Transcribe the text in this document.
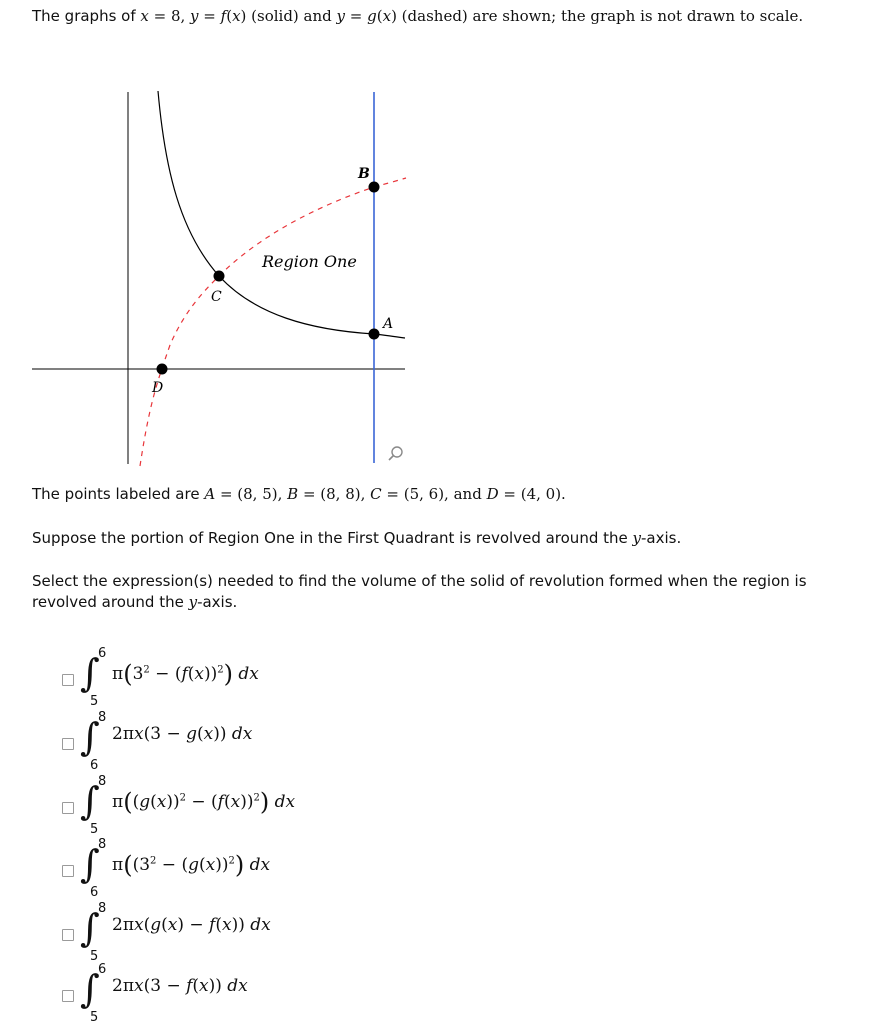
The graphs of x = 8, y = f(x) (solid) and y = g(x) (dashed) are shown; the graph is not drawn to scale.
B
A
C
D
Region One
The points labeled are A = (8, 5), B = (8, 8), C = (5, 6), and D = (4, 0).
Suppose the portion of Region One in the First Quadrant is revolved around the y-axis.
Select the expression(s) needed to find the volume of the solid of revolution formed when the region is
revolved around the y-axis.
∫
6
5
$\pi(3^2 - (f(x))^2)$ dx
∫
8
6
2πx(3 − g(x)) dx
∫
8
5
$\pi((g(x))^2 - (f(x))^2)$ dx
∫
8
6
$\pi((3^2 - (g(x))^2)$ dx
∫
8
5
2πx(g(x) − f(x)) dx
∫
6
5
2πx(3 − f(x)) dx
